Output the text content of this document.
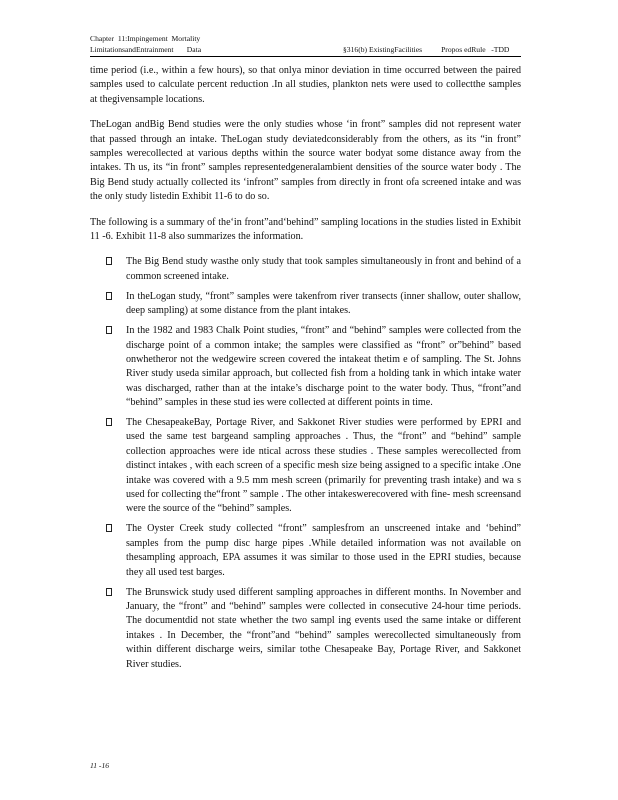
Chapter  11:Impingement  Mortality
LimitationsandEntrainment       Data	§316(b) ExistingFacilities          Propos edRule   -TDD

time period (i.e., within a few hours), so that onlya minor deviation in time occurred between the paired samples used to calculate percent reduction .In all studies, plankton nets were used to collectthe samples at thegivensample locations.

TheLogan andBig Bend studies were the only studies whose ‘in front” samples did not represent water that passed through an intake. TheLogan study deviatedconsiderably from the others, as its “in front” samples werecollected at various depths within the source water bodyat some distance away from the intakes. Th us, its “in front” samples representedgeneralambient densities of the source water body . The Big Bend study actually collected its ‘infront” samples from directly in front ofa screened intake and was the only study listedin Exhibit 11-6 to do so.

The following is a summary of the‘in front”and‘behind” sampling locations in the studies listed in Exhibit 11 -6. Exhibit 11-8 also summarizes the information.

The Big Bend study wasthe only study that took samples simultaneously in front and behind of a common screened intake.
In theLogan study, “front” samples were takenfrom river transects (inner shallow, outer shallow, deep sampling) at some distance from the plant intakes.
In the 1982 and 1983 Chalk Point studies, “front” and “behind” samples were collected from the discharge point of a common intake; the samples were classified as “front” or”behind” based onwhetheror not the wedgewire screen covered the intakeat thetim e of sampling. The St. Johns River study useda similar approach, but collected fish from a holding tank in which intake water was discharged, rather than at the intake’s discharge point to the water body. Thus, “front”and “behind” samples in these stud ies were collected at different points in time.
The ChesapeakeBay, Portage River, and Sakkonet River studies were performed by EPRI and used the same test bargeand sampling approaches . Thus, the “front” and “behind” sample collection approaches were ide ntical across these studies . These samples werecollected from distinct intakes , with each screen of a specific mesh size being assigned to a specific intake .One intake was covered with a 9.5 mm mesh screen (primarily for preventing trash intake) and wa s used for collecting the“front ” sample . The other intakeswerecovered with fine- mesh screensand were the source of the “behind” samples.
The Oyster Creek study collected “front” samplesfrom an unscreened intake and ‘behind” samples from the pump disc harge pipes .While detailed information was not available on thesampling approach, EPA assumes it was similar to those used in the EPRI studies, because they all used test barges.
The Brunswick study used different sampling approaches in different months. In November and January, the “front” and “behind” samples were collected in consecutive 24-hour time periods. The documentdid not state whether the two sampl ing events used the same intake or different intakes . In December, the “front”and “behind” samples werecollected simultaneously from within different discharge weirs, similar tothe Chesapeake Bay, Portage River, and Sakkonet River studies.
11 -16
